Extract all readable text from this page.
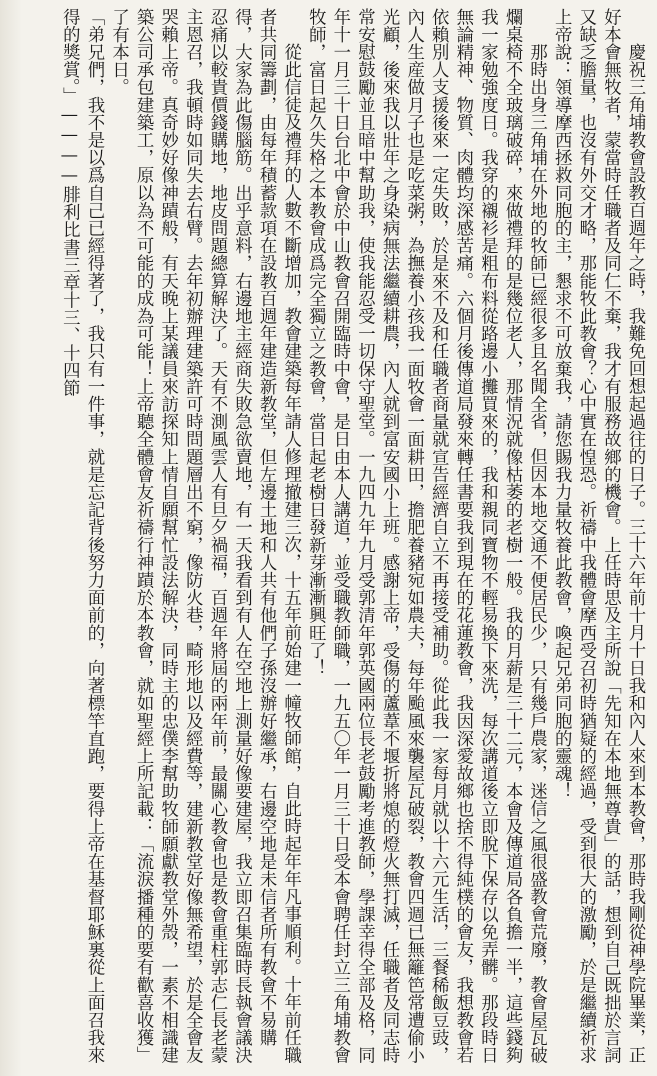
慶祝三角埔教會設教百週年之時，我難免回想起過往的日子。三十六年前十月十日我和內人來到本教會，那時我剛從神學院畢業，正好本會無牧者，蒙當時任職者及同仁不棄，我才有服務故鄉的機會。上任時思及主所說「先知在本地無尊貴」的話，想到自己既拙於言詞又缺乏膽量，也沒有外交才略，那能牧此教會？心中實在惶恐。祈禱中我體會摩西受召初時猶疑的經過，受到很大的激勵，於是繼續祈求上帝說：領導摩西拯救同胞的主，懇求不可放棄我，請您賜我力量牧養此教會，喚起兄弟同胞的靈魂！

那時出身三角埔在外地的牧師已經很多且名聞全省，但因本地交通不便居民少，只有幾戶農家，迷信之風很盛教會荒廢，教會屋瓦破爛桌椅不全玻璃破碎，來做禮拜的是幾位老人，那情況就像枯萎的老樹一般。我的月薪是三十二元，本會及傳道局各負擔一半，這些錢夠我一家勉強度日。我穿的襯衫是粗布料從路邊小攤買來的，我和親同寶物不輕易換下來洗，每次講道後立即脫下保存以免弄髒。那段時日無論精神、物質、肉體均深感苦痛。六個月後傳道局發來轉任書要我到現在的花蓮教會，我因深愛故鄉也捨不得純樸的會友，我想教會若依賴別人支援後來一定失敗，於是來不及和任職者商量就宣告經濟自立不再接受補助。從此我一家每月就以十六元生活，三餐稀飯豆豉，內人生産做月子也是吃菜粥，為撫養小孩我一面牧會一面耕田，擔肥養豬宛如農夫，每年颱風來襲屋瓦破裂，教會四週已無籬笆常遭偷小光顧，後來我以壯年之身染病無法繼續耕農，內人就到富安國小上班。感謝上帝，受傷的蘆葦不堰折將熄的燈火無打滅，任職者及同志時常安慰鼓勵並且暗中幫助我，使我能忍受一切保守聖堂。一九四九年九月受郭清年郭英國兩位長老鼓勵考進教師，學課幸得全部及格，同年十一月三十日台北中會於中山教會召開臨時中會，是日由本人講道，並受職教師職，一九五〇年一月三十日受本會聘任封立三角埔教會牧師，富日起久失格之本教會成爲完全獨立之教會，當日起老樹日發新芽漸漸興旺了！

從此信徒及禮拜的人數不斷增加，教會建築每年請人修理撤建三次，十五年前始建一幢牧師館，自此時起年年凡事順利。十年前任職者共同籌劃，由每年積蓄款項在設教百週年建造新教堂，但左邊土地和人共有他們子孫沒辦好繼承，右邊空地是未信者所有教會不易購得，大家為此傷腦筋。出乎意料，右邊地主經商失敗急欲賣地，有一天我看到有人在空地上測量好像要建屋，我立即召集臨時長執會議決忍痛以較貴價錢購地，地皮問題總算解決了。天有不測風雲人有旦夕禍福，百週年將屆的兩年前，最關心教會也是教會重柱郭志仁長老蒙主恩召，我頓時如同失去右臂。去年初辦理建築許可時問題層出不窮，像防火巷，畸形地以及經費等，建新教堂好像無希望，於是全會友哭賴上帝。真奇妙好像神蹟般，有天晚上某議員來訪探知上情自願幫忙設法解決，同時主的忠僕李幫助牧師願獻教堂外殼，一素不相識建築公司承包建築工，原以為不可能的成為可能！上帝聽全體會友祈禱行神蹟於本教會，就如聖經上所記載：「流淚播種的要有歡喜收獲」了有本日。

「弟兄們，我不是以爲自己已經得著了，我只有一件事，就是忘記背後努力面前的，向著標竿直跑，要得上帝在基督耶穌裏從上面召我來得的獎賞。」————腓利比書三章十三、十四節
